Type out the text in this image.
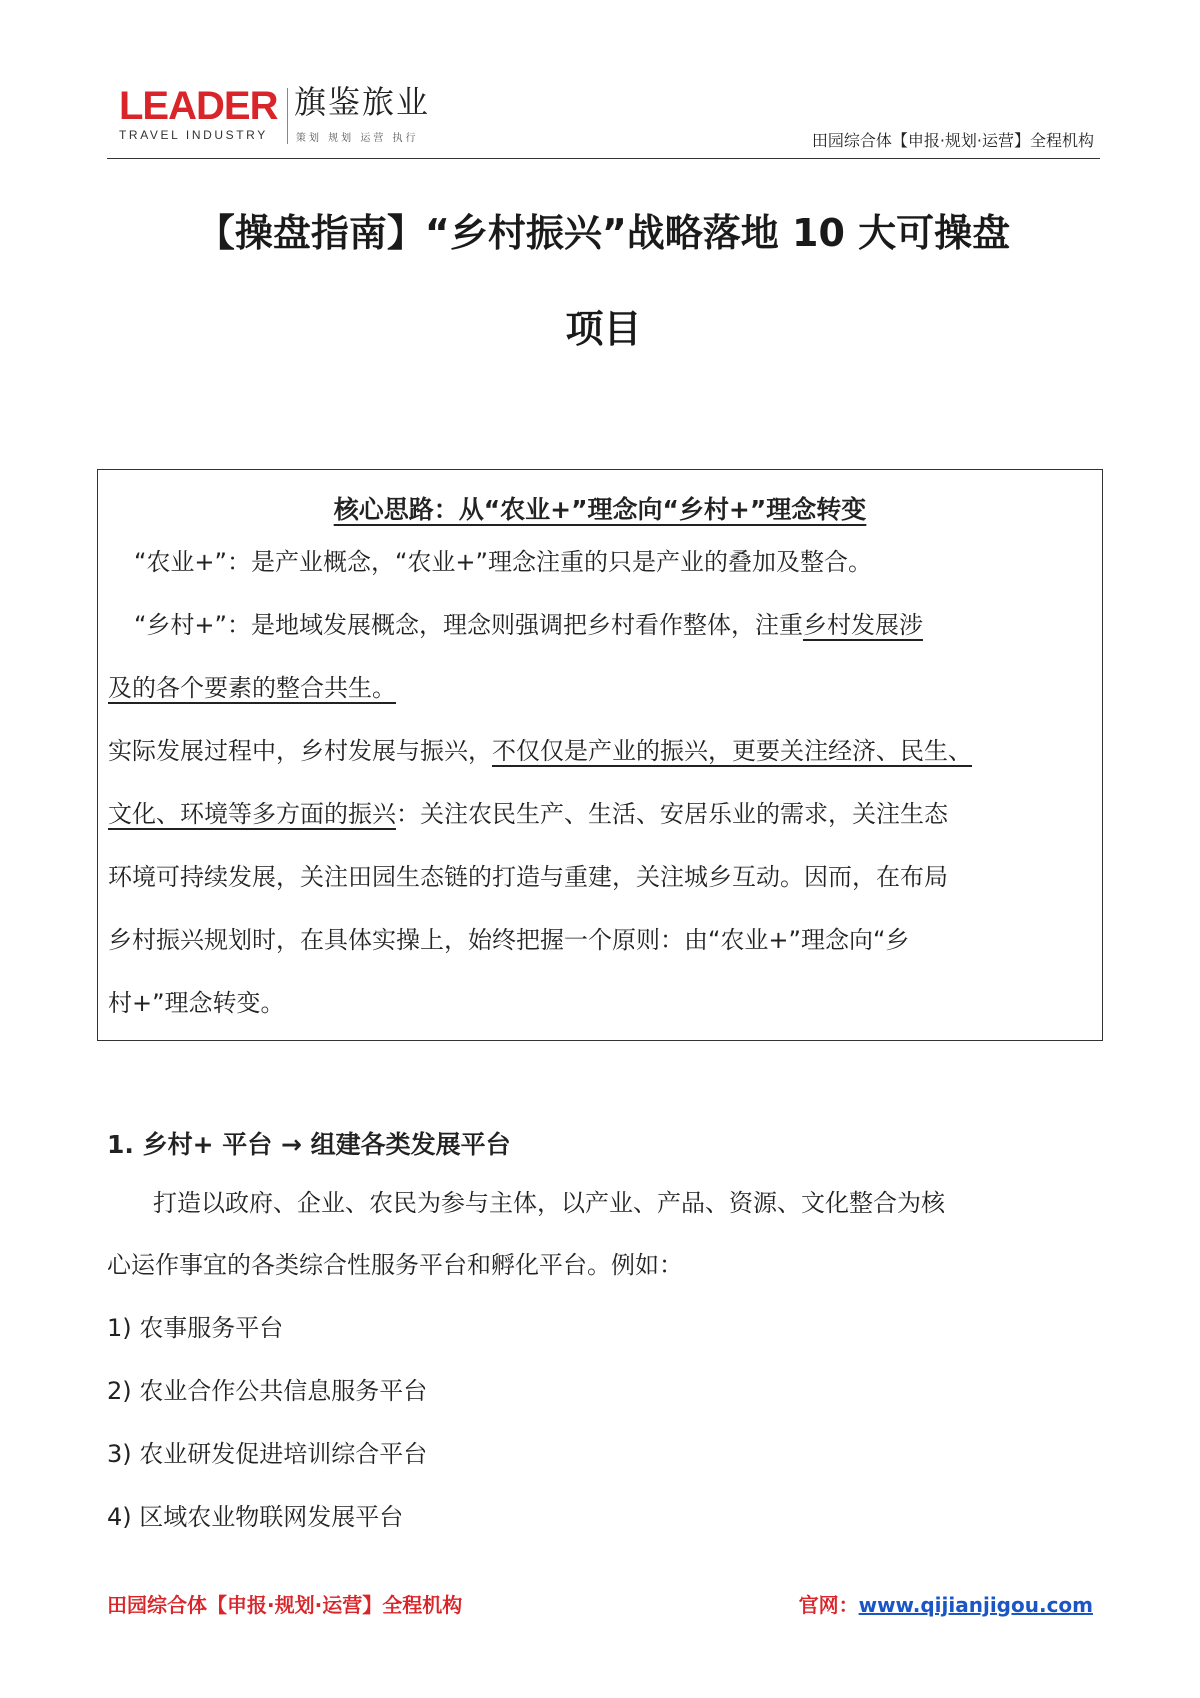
LEADER
TRAVEL INDUSTRY
旗鉴旅业
策划 规划 运营 执行	田园综合体【申报·规划·运营】全程机构
【操盘指南】“乡村振兴”战略落地 10 大可操盘
项目
核心思路：从“农业+”理念向“乡村+”理念转变
“农业+”：是产业概念，“农业+”理念注重的只是产业的叠加及整合。
“乡村+”：是地域发展概念，理念则强调把乡村看作整体，注重乡村发展涉
及的各个要素的整合共生。
实际发展过程中，乡村发展与振兴，不仅仅是产业的振兴，更要关注经济、民生、
文化、环境等多方面的振兴：关注农民生产、生活、安居乐业的需求，关注生态
环境可持续发展，关注田园生态链的打造与重建，关注城乡互动。因而，在布局
乡村振兴规划时，在具体实操上，始终把握一个原则：由“农业+”理念向“乡
村+”理念转变。
1. 乡村+ 平台 → 组建各类发展平台
打造以政府、企业、农民为参与主体，以产业、产品、资源、文化整合为核
心运作事宜的各类综合性服务平台和孵化平台。例如：
1) 农事服务平台
2) 农业合作公共信息服务平台
3) 农业研发促进培训综合平台
4) 区域农业物联网发展平台
田园综合体【申报·规划·运营】全程机构	官网：www.qijianjigou.com
